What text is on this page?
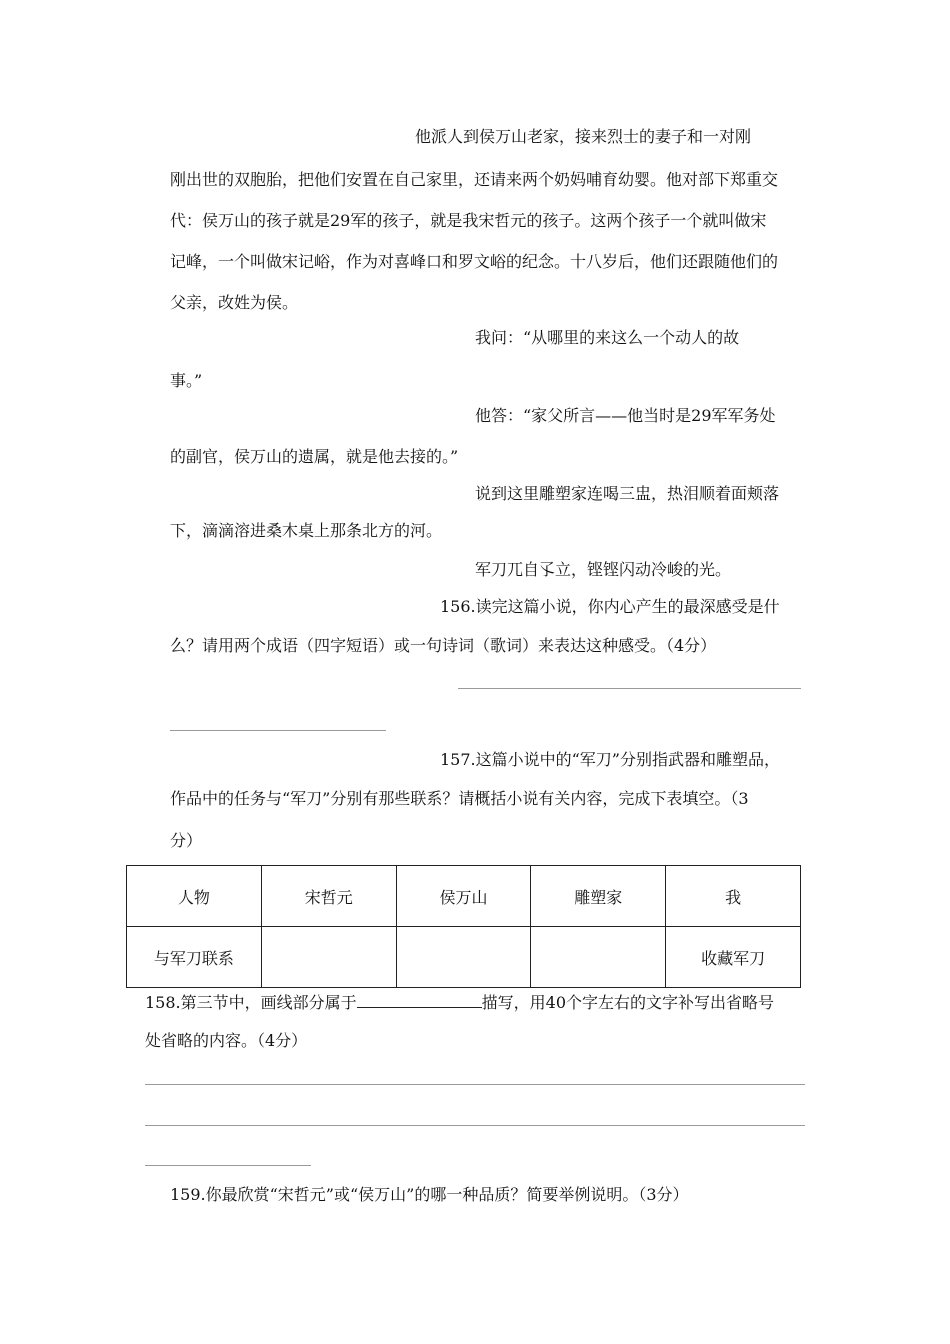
他派人到侯万山老家，接来烈士的妻子和一对刚
刚出世的双胞胎，把他们安置在自己家里，还请来两个奶妈哺育幼婴。他对部下郑重交
代：侯万山的孩子就是29军的孩子，就是我宋哲元的孩子。这两个孩子一个就叫做宋
记峰，一个叫做宋记峪，作为对喜峰口和罗文峪的纪念。十八岁后，他们还跟随他们的
父亲，改姓为侯。
我问：“从哪里的来这么一个动人的故
事。”
他答：“家父所言——他当时是29军军务处
的副官，侯万山的遗属，就是他去接的。”
说到这里雕塑家连喝三盅，热泪顺着面颊落
下，滴滴溶进桑木桌上那条北方的河。
军刀兀自孓立，铿铿闪动冷峻的光。
156.读完这篇小说，你内心产生的最深感受是什
么？请用两个成语（四字短语）或一句诗词（歌词）来表达这种感受。（4分）
157.这篇小说中的“军刀”分别指武器和雕塑品，
作品中的任务与“军刀”分别有那些联系？请概括小说有关内容，完成下表填空。（3
分）
人物	宋哲元	侯万山	雕塑家	我
与军刀联系				收藏军刀
158.第三节中，画线部分属于	描写，用40个字左右的文字补写出省略号
处省略的内容。（4分）
159.你最欣赏“宋哲元”或“侯万山”的哪一种品质？简要举例说明。（3分）
